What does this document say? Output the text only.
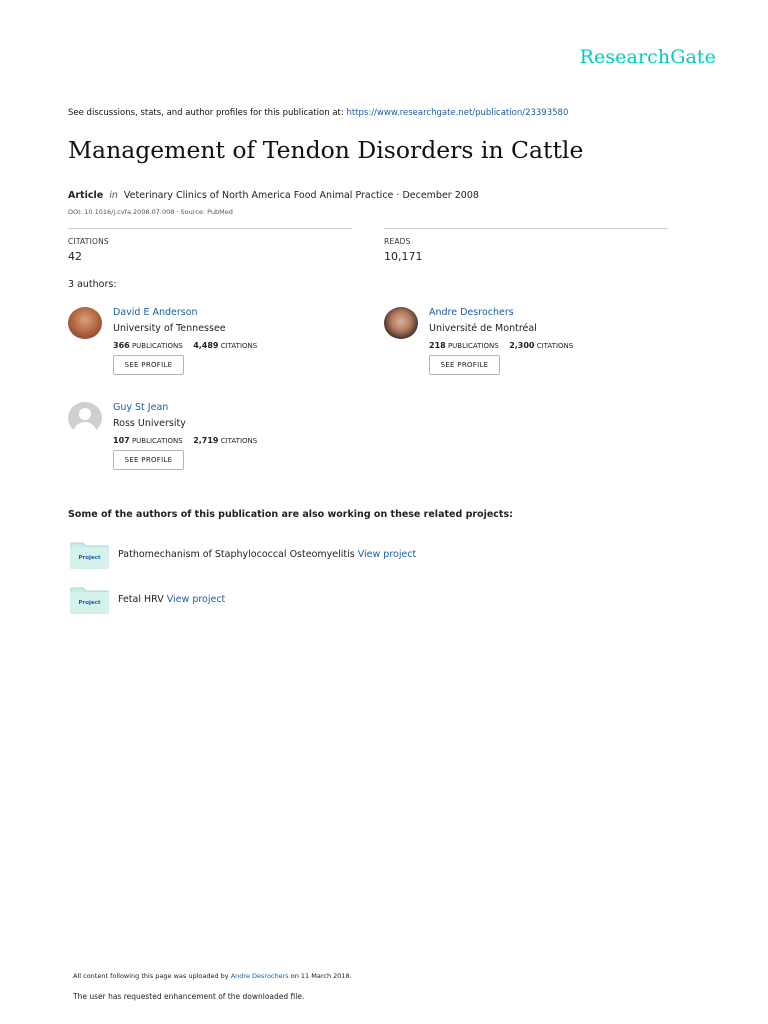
ResearchGate
See discussions, stats, and author profiles for this publication at: https://www.researchgate.net/publication/23393580
Management of Tendon Disorders in Cattle
Article in Veterinary Clinics of North America Food Animal Practice · December 2008
DOI: 10.1016/j.cvfa.2008.07.008 · Source: PubMed
CITATIONS
42
READS
10,171
3 authors:
David E Anderson
University of Tennessee
366 PUBLICATIONS 4,489 CITATIONS
SEE PROFILE
Andre Desrochers
Université de Montréal
218 PUBLICATIONS 2,300 CITATIONS
SEE PROFILE
Guy St Jean
Ross University
107 PUBLICATIONS 2,719 CITATIONS
SEE PROFILE
Some of the authors of this publication are also working on these related projects:
Project Pathomechanism of Staphylococcal Osteomyelitis View project
Project Fetal HRV View project
All content following this page was uploaded by Andre Desrochers on 11 March 2018.
The user has requested enhancement of the downloaded file.
